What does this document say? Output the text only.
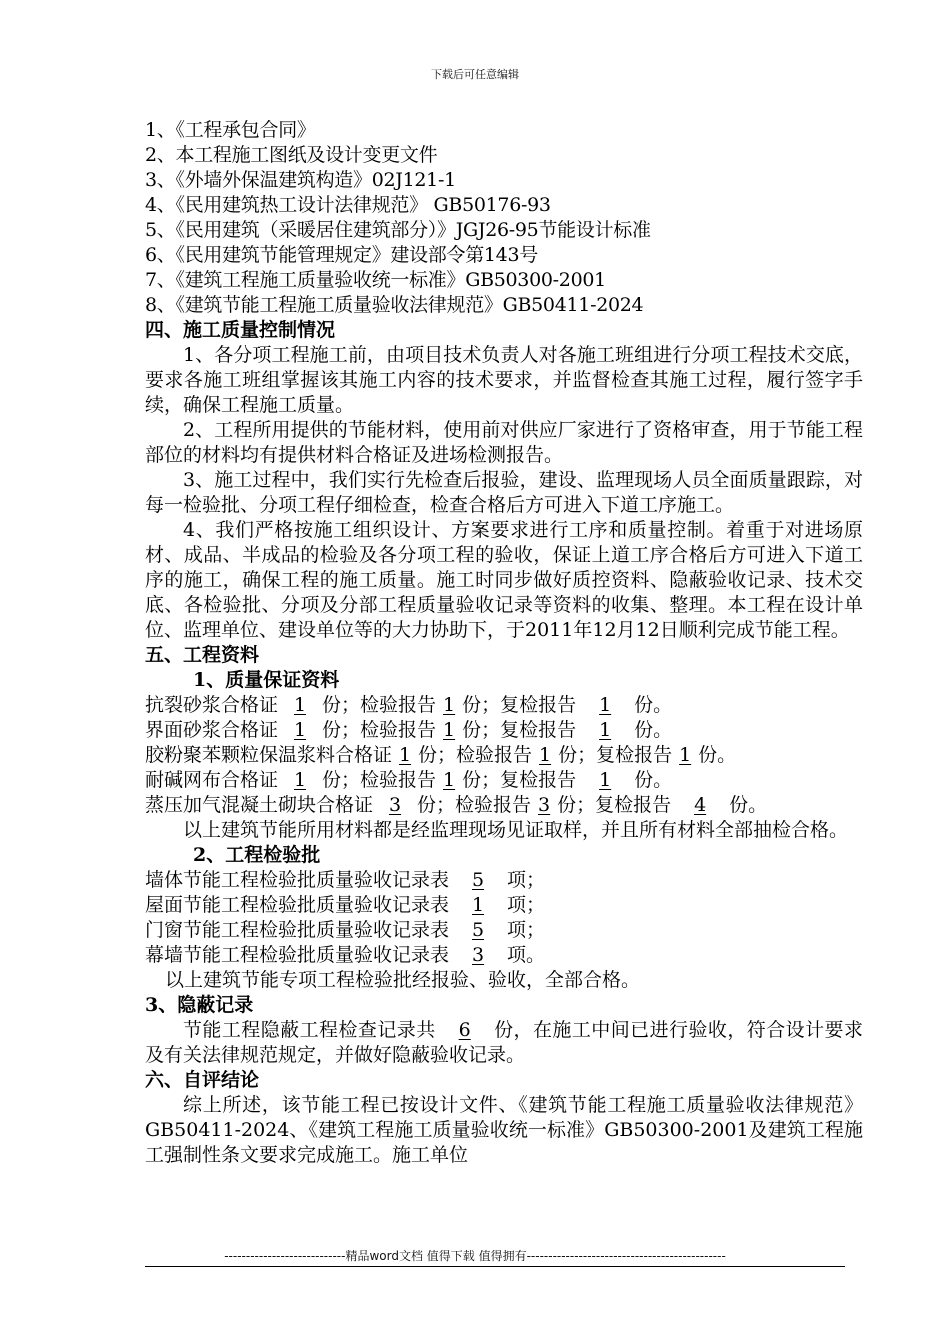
下载后可任意编辑
1、《工程承包合同》
2、本工程施工图纸及设计变更文件
3、《外墙外保温建筑构造》02J121-1
4、《民用建筑热工设计法律规范》 GB50176-93
5、《民用建筑（采暖居住建筑部分）》JGJ26-95节能设计标准
6、《民用建筑节能管理规定》建设部令第143号
7、《建筑工程施工质量验收统一标准》GB50300-2001
8、《建筑节能工程施工质量验收法律规范》GB50411-2024
四、施工质量控制情况
1、各分项工程施工前，由项目技术负责人对各施工班组进行分项工程技术交底，要求各施工班组掌握该其施工内容的技术要求，并监督检查其施工过程，履行签字手续，确保工程施工质量。
2、工程所用提供的节能材料，使用前对供应厂家进行了资格审查，用于节能工程部位的材料均有提供材料合格证及进场检测报告。
3、施工过程中，我们实行先检查后报验，建设、监理现场人员全面质量跟踪，对每一检验批、分项工程仔细检查，检查合格后方可进入下道工序施工。
4、我们严格按施工组织设计、方案要求进行工序和质量控制。着重于对进场原材、成品、半成品的检验及各分项工程的验收，保证上道工序合格后方可进入下道工序的施工，确保工程的施工质量。施工时同步做好质控资料、隐蔽验收记录、技术交底、各检验批、分项及分部工程质量验收记录等资料的收集、整理。本工程在设计单位、监理单位、建设单位等的大力协助下，于2011年12月12日顺利完成节能工程。
五、工程资料
1、质量保证资料
抗裂砂浆合格证 1 份；检验报告 1 份；复检报告 1 份。
界面砂浆合格证 1 份；检验报告 1 份；复检报告 1 份。
胶粉聚苯颗粒保温浆料合格证 1 份；检验报告 1 份；复检报告 1 份。
耐碱网布合格证 1 份；检验报告 1 份；复检报告 1 份。
蒸压加气混凝土砌块合格证 3 份；检验报告 3 份；复检报告 4 份。
以上建筑节能所用材料都是经监理现场见证取样，并且所有材料全部抽检合格。
2、工程检验批
墙体节能工程检验批质量验收记录表 5 项；
屋面节能工程检验批质量验收记录表 1 项；
门窗节能工程检验批质量验收记录表 5 项；
幕墙节能工程检验批质量验收记录表 3 项。
以上建筑节能专项工程检验批经报验、验收，全部合格。
3、隐蔽记录
节能工程隐蔽工程检查记录共 6 份，在施工中间已进行验收，符合设计要求及有关法律规范规定，并做好隐蔽验收记录。
六、自评结论
综上所述，该节能工程已按设计文件、《建筑节能工程施工质量验收法律规范》GB50411-2024、《建筑工程施工质量验收统一标准》GB50300-2001及建筑工程施工强制性条文要求完成施工。施工单位
----------------------------精品word文档 值得下载 值得拥有----------------------------------------------
